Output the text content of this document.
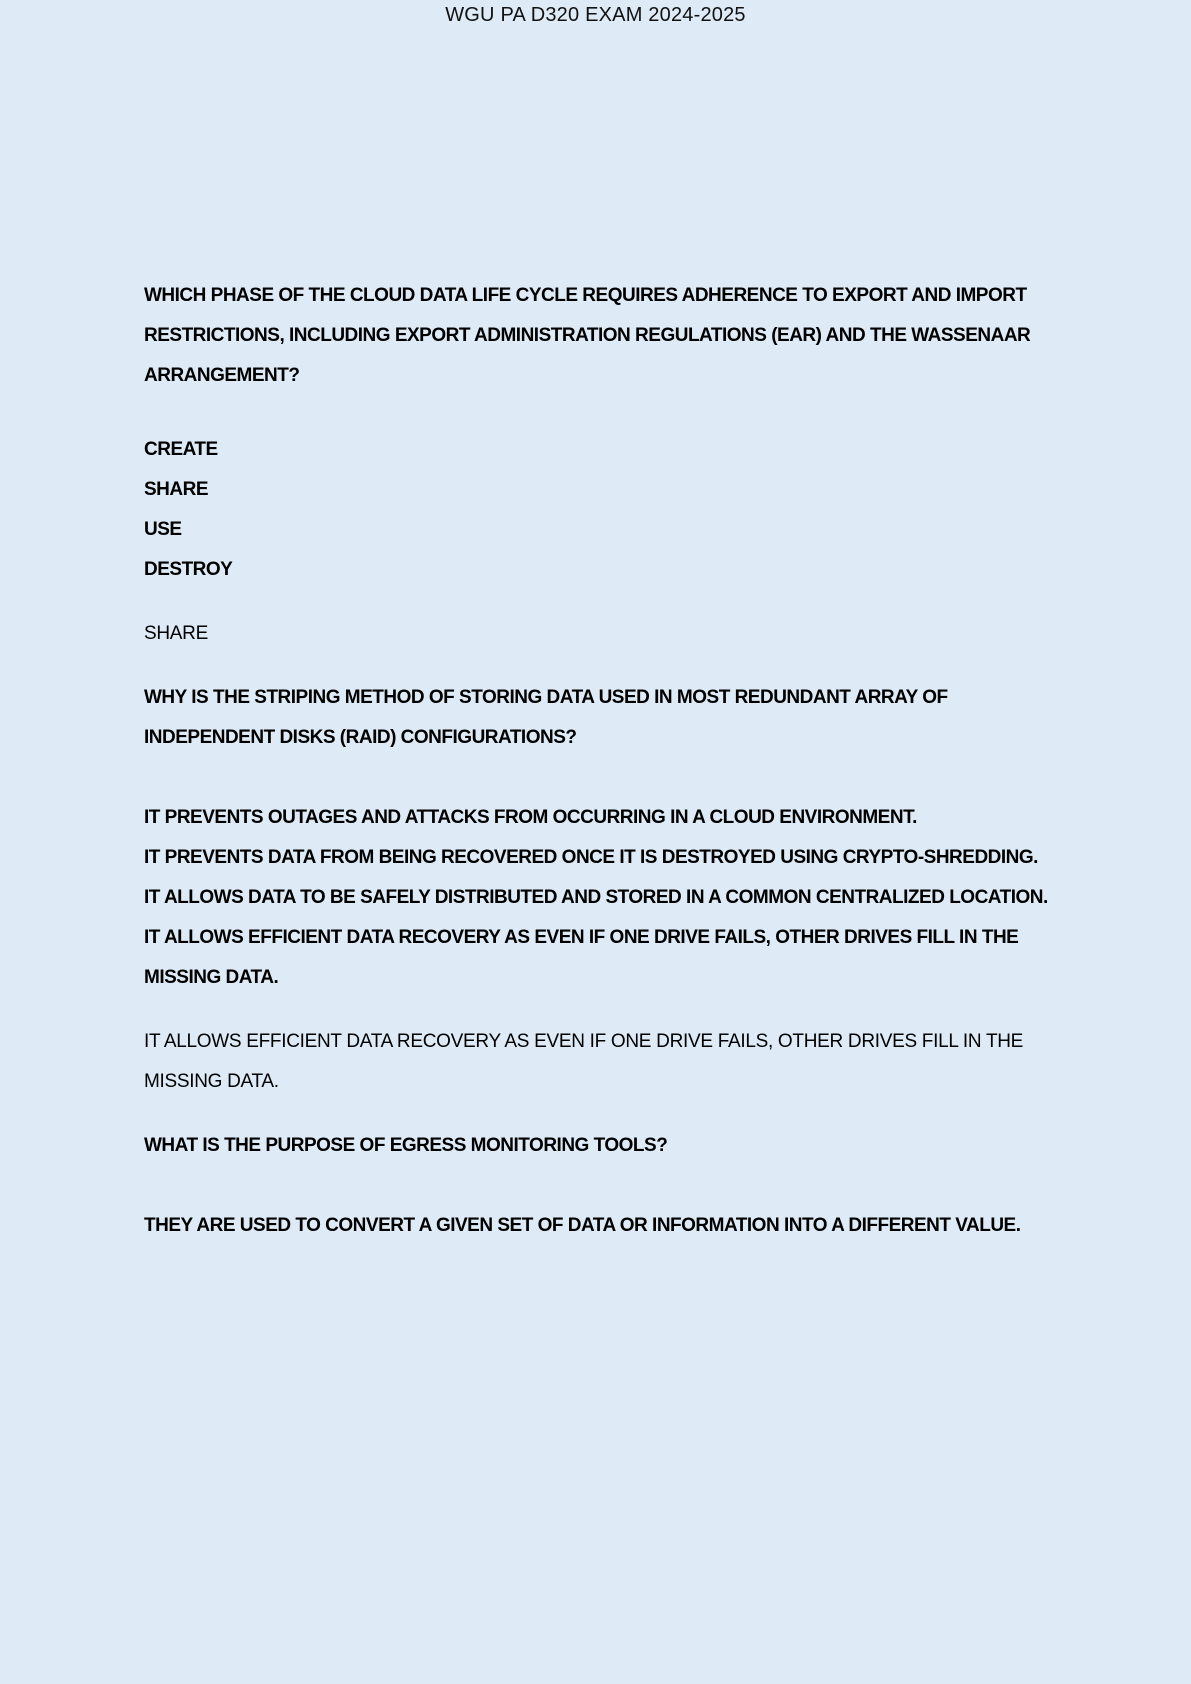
WGU PA D320 EXAM 2024-2025

WHICH PHASE OF THE CLOUD DATA LIFE CYCLE REQUIRES ADHERENCE TO EXPORT AND IMPORT RESTRICTIONS, INCLUDING EXPORT ADMINISTRATION REGULATIONS (EAR) AND THE WASSENAAR ARRANGEMENT?

CREATE
SHARE
USE
DESTROY

SHARE

WHY IS THE STRIPING METHOD OF STORING DATA USED IN MOST REDUNDANT ARRAY OF INDEPENDENT DISKS (RAID) CONFIGURATIONS?

IT PREVENTS OUTAGES AND ATTACKS FROM OCCURRING IN A CLOUD ENVIRONMENT.
IT PREVENTS DATA FROM BEING RECOVERED ONCE IT IS DESTROYED USING CRYPTO-SHREDDING.
IT ALLOWS DATA TO BE SAFELY DISTRIBUTED AND STORED IN A COMMON CENTRALIZED LOCATION.
IT ALLOWS EFFICIENT DATA RECOVERY AS EVEN IF ONE DRIVE FAILS, OTHER DRIVES FILL IN THE MISSING DATA.

IT ALLOWS EFFICIENT DATA RECOVERY AS EVEN IF ONE DRIVE FAILS, OTHER DRIVES FILL IN THE MISSING DATA.

WHAT IS THE PURPOSE OF EGRESS MONITORING TOOLS?

THEY ARE USED TO CONVERT A GIVEN SET OF DATA OR INFORMATION INTO A DIFFERENT VALUE.
